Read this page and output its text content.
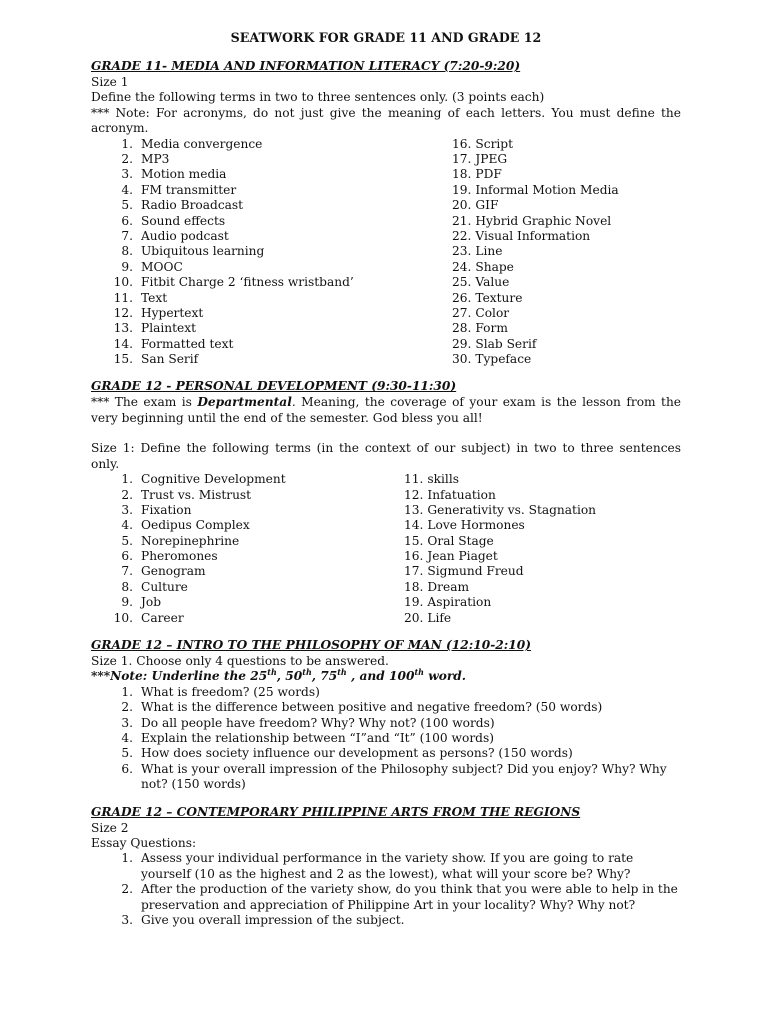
SEATWORK FOR GRADE 11 AND GRADE 12
GRADE 11- MEDIA AND INFORMATION LITERACY (7:20-9:20)
Size 1
Define the following terms in two to three sentences only. (3 points each)
*** Note: For acronyms, do not just give the meaning of each letters. You must define the acronym.
1. Media convergence	16. Script
2. MP3	17. JPEG
3. Motion media	18. PDF
4. FM transmitter	19. Informal Motion Media
5. Radio Broadcast	20. GIF
6. Sound effects	21. Hybrid Graphic Novel
7. Audio podcast	22. Visual Information
8. Ubiquitous learning	23. Line
9. MOOC	24. Shape
10. Fitbit Charge 2 ‘fitness wristband’	25. Value
11. Text	26. Texture
12. Hypertext	27. Color
13. Plaintext	28. Form
14. Formatted text	29. Slab Serif
15. San Serif	30. Typeface
GRADE 12 - PERSONAL DEVELOPMENT (9:30-11:30)
*** The exam is Departmental. Meaning, the coverage of your exam is the lesson from the very beginning until the end of the semester. God bless you all!
Size 1: Define the following terms (in the context of our subject) in two to three sentences only.
1. Cognitive Development	11. skills
2. Trust vs. Mistrust	12. Infatuation
3. Fixation	13. Generativity vs. Stagnation
4. Oedipus Complex	14. Love Hormones
5. Norepinephrine	15. Oral Stage
6. Pheromones	16. Jean Piaget
7. Genogram	17. Sigmund Freud
8. Culture	18. Dream
9. Job	19. Aspiration
10. Career	20. Life
GRADE 12 – INTRO TO THE PHILOSOPHY OF MAN (12:10-2:10)
Size 1. Choose only 4 questions to be answered.
***Note: Underline the 25th, 50th, 75th , and 100th word.
1. What is freedom? (25 words)
2. What is the difference between positive and negative freedom? (50 words)
3. Do all people have freedom? Why? Why not? (100 words)
4. Explain the relationship between “I”and “It” (100 words)
5. How does society influence our development as persons? (150 words)
6. What is your overall impression of the Philosophy subject? Did you enjoy? Why? Why not? (150 words)
GRADE 12 – CONTEMPORARY PHILIPPINE ARTS FROM THE REGIONS
Size 2
Essay Questions:
1. Assess your individual performance in the variety show. If you are going to rate yourself (10 as the highest and 2 as the lowest), what will your score be? Why?
2. After the production of the variety show, do you think that you were able to help in the preservation and appreciation of Philippine Art in your locality? Why? Why not?
3. Give you overall impression of the subject.
